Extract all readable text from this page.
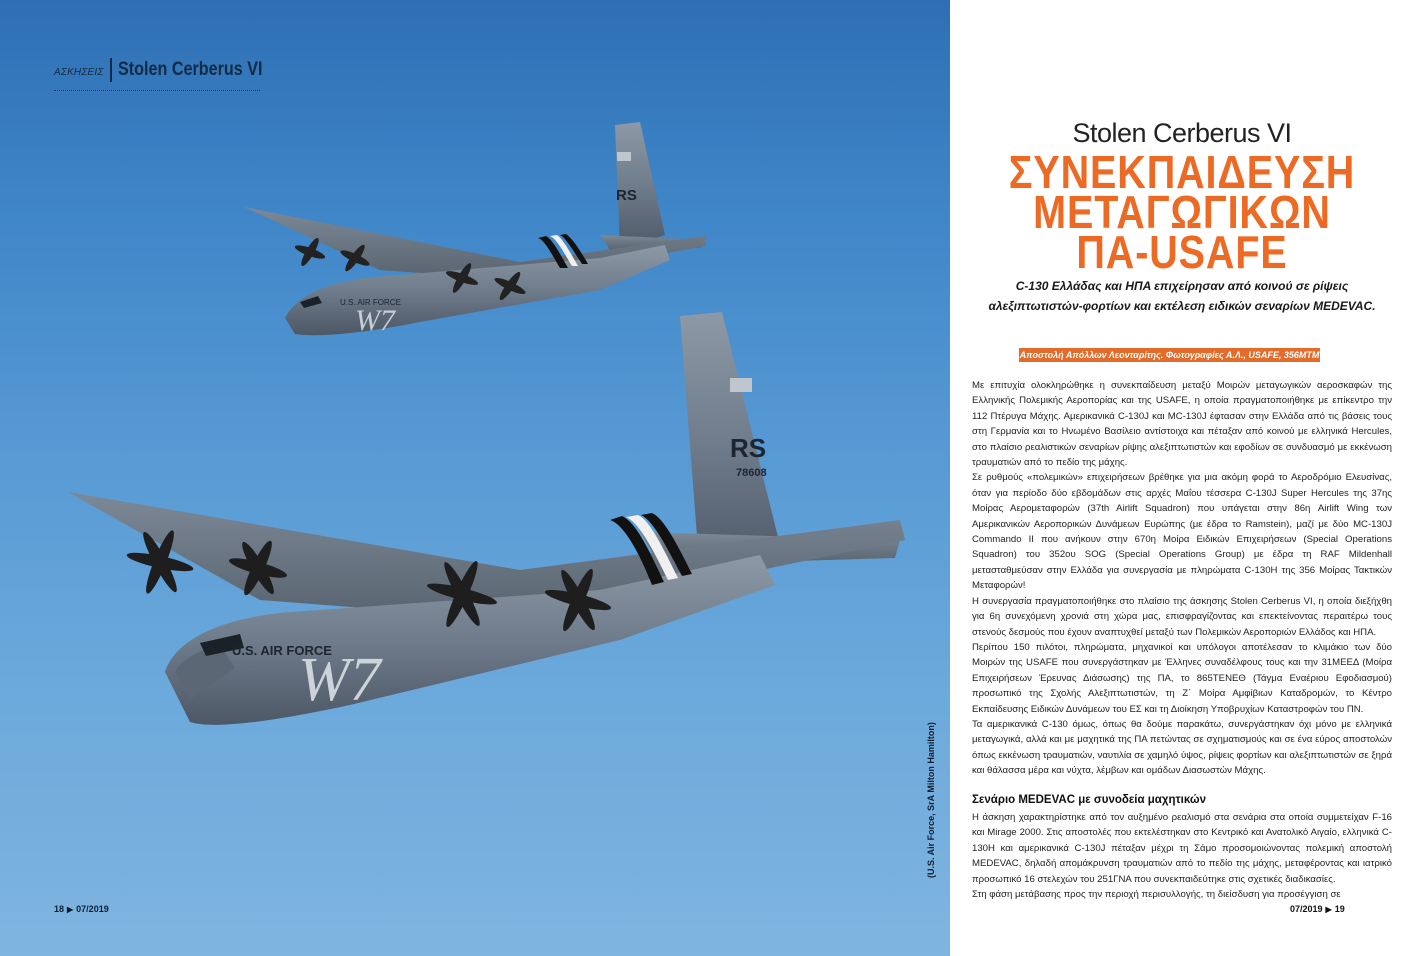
RS
U.S. AIR FORCE
W7
RS
78608
U.S. AIR FORCE
W7
ΑΣΚΗΣΕΙΣ Stolen Cerberus VI
(U.S. Air Force, SrA Milton Hamilton)
18 ▶ 07/2019
Stolen Cerberus VI
ΣΥΝΕΚΠΑΙΔΕΥΣΗ
ΜΕΤΑΓΩΓΙΚΩΝ
ΠΑ-USAFE
C-130 Ελλάδας και ΗΠΑ επιχείρησαν από κοινού σε ρίψεις αλεξιπτωτιστών-φορτίων και εκτέλεση ειδικών σεναρίων MEDEVAC.
Αποστολή Απόλλων Λεονταρίτης. Φωτογραφίες Α.Λ., USAFE, 356ΜΤΜ

Με επιτυχία ολοκληρώθηκε η συνεκπαίδευση μεταξύ Μοιρών μεταγωγικών αεροσκαφών της Ελληνικής Πολεμικής Αεροπορίας και της USAFE, η οποία πραγματοποιήθηκε με επίκεντρο την 112 Πτέρυγα Μάχης. Αμερικανικά C-130J και MC-130J έφτασαν στην Ελλάδα από τις βάσεις τους στη Γερμανία και το Ηνωμένο Βασίλειο αντίστοιχα και πέταξαν από κοινού με ελληνικά Hercules, στο πλαίσιο ρεαλιστικών σεναρίων ρίψης αλεξιπτωτιστών και εφοδίων σε συνδυασμό με εκκένωση τραυματιών από το πεδίο της μάχης.

Σε ρυθμούς «πολεμικών» επιχειρήσεων βρέθηκε για μια ακόμη φορά το Αεροδρόμιο Ελευσίνας, όταν για περίοδο δύο εβδομάδων στις αρχές Μαΐου τέσσερα C-130J Super Hercules της 37ης Μοίρας Αερομεταφορών (37th Airlift Squadron) που υπάγεται στην 86η Airlift Wing των Αμερικανικών Αεροπορικών Δυνάμεων Ευρώπης (με έδρα το Ramstein), μαζί με δύο MC-130J Commando II που ανήκουν στην 670η Μοίρα Ειδικών Επιχειρήσεων (Special Operations Squadron) του 352ου SOG (Special Operations Group) με έδρα τη RAF Mildenhall μετασταθμεύσαν στην Ελλάδα για συνεργασία με πληρώματα C-130H της 356 Μοίρας Τακτικών Μεταφορών!

Η συνεργασία πραγματοποιήθηκε στο πλαίσιο της άσκησης Stolen Cerberus VI, η οποία διεξήχθη για 6η συνεχόμενη χρονιά στη χώρα μας, επισφραγίζοντας και επεκτείνοντας περαιτέρω τους στενούς δεσμούς που έχουν αναπτυχθεί μεταξύ των Πολεμικών Αεροποριών Ελλάδος και ΗΠΑ.

Περίπου 150 πιλότοι, πληρώματα, μηχανικοί και υπόλογοι αποτέλεσαν το κλιμάκιο των δύο Μοιρών της USAFE που συνεργάστηκαν με Έλληνες συναδέλφους τους και την 31ΜΕΕΔ (Μοίρα Επιχειρήσεων Έρευνας Διάσωσης) της ΠΑ, το 865ΤΕΝΕΘ (Τάγμα Εναέριου Εφοδιασμού) προσωπικό της Σχολής Αλεξιπτωτιστών, τη Ζ΄ Μοίρα Αμφίβιων Καταδρομών, το Κέντρο Εκπαίδευσης Ειδικών Δυνάμεων του ΕΣ και τη Διοίκηση Υποβρυχίων Καταστροφών του ΠΝ.

Τα αμερικανικά C-130 όμως, όπως θα δούμε παρακάτω, συνεργάστηκαν όχι μόνο με ελληνικά μεταγωγικά, αλλά και με μαχητικά της ΠΑ πετώντας σε σχηματισμούς και σε ένα εύρος αποστολών όπως εκκένωση τραυματιών, ναυτιλία σε χαμηλό ύψος, ρίψεις φορτίων και αλεξιπτωτιστών σε ξηρά και θάλασσα μέρα και νύχτα, λέμβων και ομάδων Διασωστών Μάχης.

Σενάριο MEDEVAC με συνοδεία μαχητικών

Η άσκηση χαρακτηρίστηκε από τον αυξημένο ρεαλισμό στα σενάρια στα οποία συμμετείχαν F-16 και Mirage 2000. Στις αποστολές που εκτελέστηκαν στο Κεντρικό και Ανατολικό Αιγαίο, ελληνικά C-130H και αμερικανικά C-130J πέταξαν μέχρι τη Σάμο προσομοιώνοντας πολεμική αποστολή MEDEVAC, δηλαδή απομάκρυνση τραυματιών από το πεδίο της μάχης, μεταφέροντας και ιατρικό προσωπικό 16 στελεχών του 251ΓΝΑ που συνεκπαιδεύτηκε στις σχετικές διαδικασίες.

Στη φάση μετάβασης προς την περιοχή περισυλλογής, τη διείσδυση για προσέγγιση σε

07/2019 ▶ 19
